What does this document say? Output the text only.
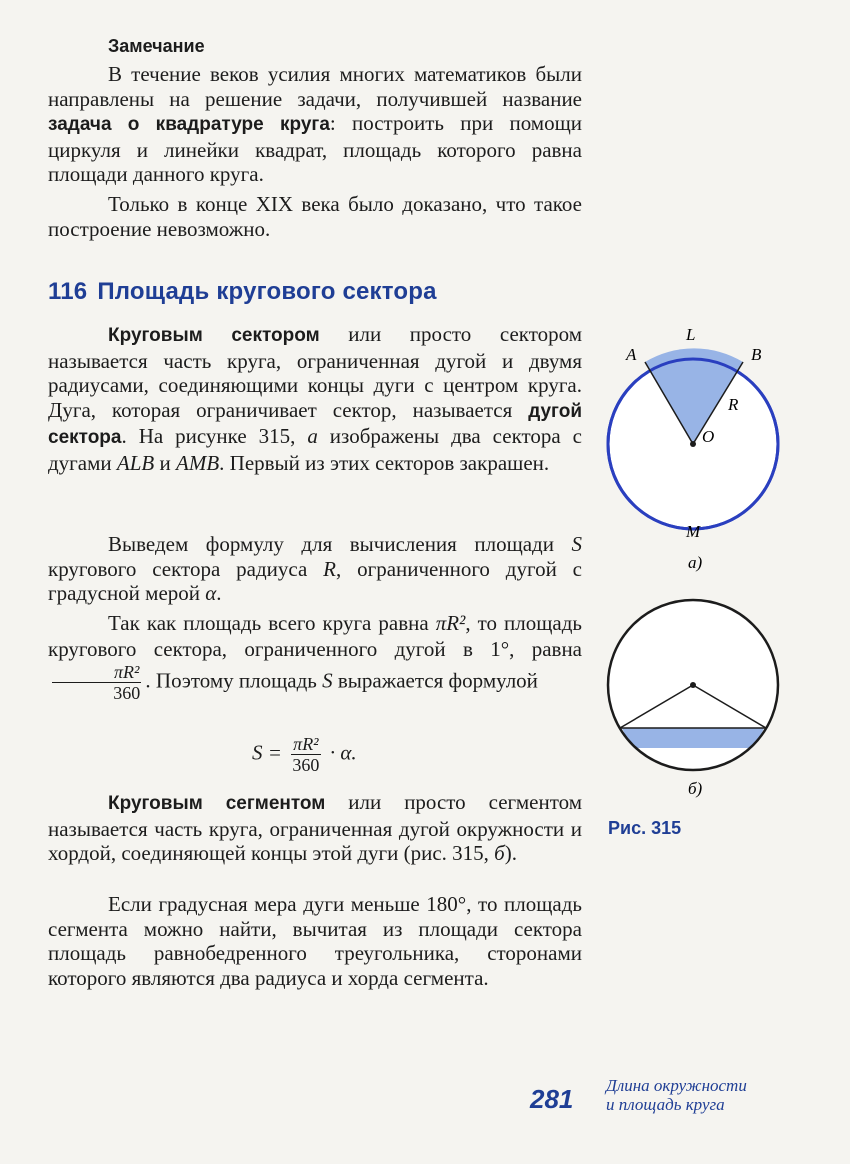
Замечание
В течение веков усилия многих математиков были направлены на решение задачи, получившей название задача о квадратуре круга: построить при помощи циркуля и линейки квадрат, площадь которого равна площади данного круга.
Только в конце XIX века было доказано, что такое построение невозможно.
116 Площадь кругового сектора
Круговым сектором или просто сектором называется часть круга, ограниченная дугой и двумя радиусами, соединяющими концы дуги с центром круга. Дуга, которая ограничивает сектор, называется дугой сектора. На рисунке 315, а изображены два сектора с дугами ALB и AMB. Первый из этих секторов закрашен.
Выведем формулу для вычисления площади S кругового сектора радиуса R, ограниченного дугой с градусной мерой α.
Так как площадь всего круга равна πR², то площадь кругового сектора, ограниченного дугой в 1°, равна
$\frac{\text{πR²}}{360}$ . Поэтому площадь S выражается формулой
$S = \frac{\text{πR²}}{360} \cdot \alpha$.
Круговым сегментом или просто сегментом называется часть круга, ограниченная дугой окружности и хордой, соединяющей концы этой дуги (рис. 315, б).
Если градусная мера дуги меньше 180°, то площадь сегмента можно найти, вычитая из площади сектора площадь равнобедренного треугольника, сторонами которого являются два радиуса и хорда сегмента.
A	B
L
R
O
M
а)
б)
Рис. 315
281 Длина окружности
и площадь круга
